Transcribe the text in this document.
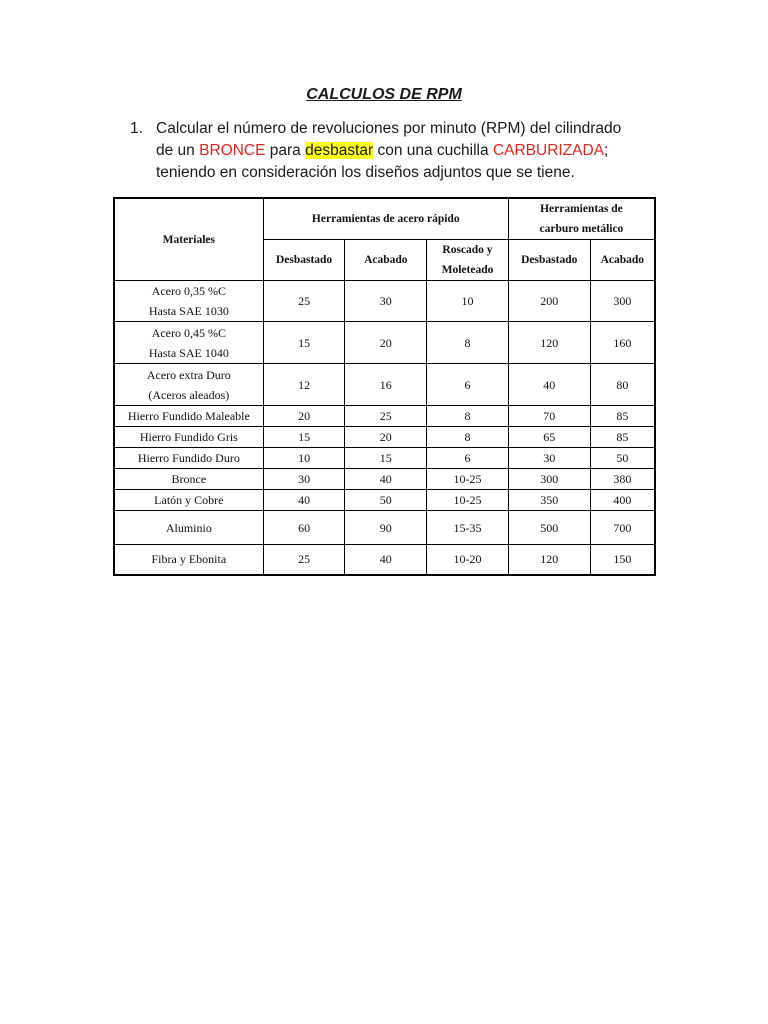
CALCULOS DE RPM
1. Calcular el número de revoluciones por minuto (RPM) del cilindrado
de un BRONCE para desbastar con una cuchilla CARBURIZADA;
teniendo en consideración los diseños adjuntos que se tiene.
Materiales	Herramientas de acero rápido			Herramientas de
carburo metálico	
	Desbastado	Acabado	Roscado y
Moleteado	Desbastado	Acabado
Acero 0,35 %C
Hasta SAE 1030	25	30	10	200	300
Acero 0,45 %C
Hasta SAE 1040	15	20	8	120	160
Acero extra Duro
(Aceros aleados)	12	16	6	40	80
Hierro Fundido Maleable	20	25	8	70	85
Hierro Fundido Gris	15	20	8	65	85
Hierro Fundido Duro	10	15	6	30	50
Bronce	30	40	10-25	300	380
Latón y Cobre	40	50	10-25	350	400
Aluminio	60	90	15-35	500	700
Fibra y Ebonita	25	40	10-20	120	150
